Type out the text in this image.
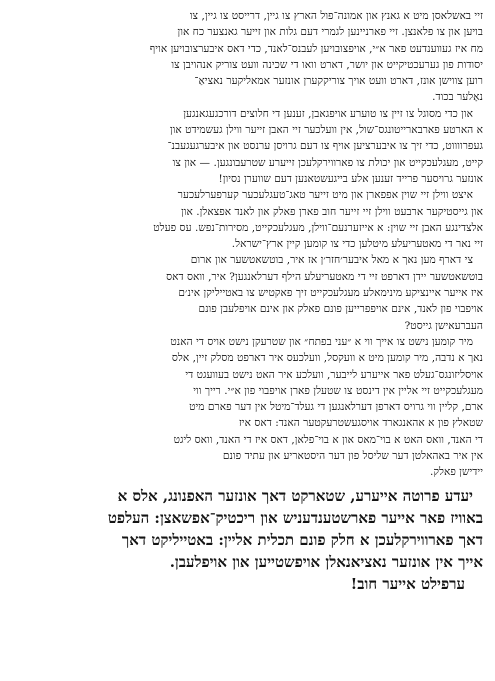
זיי באשלאסן מיט א גאנץ און אמונה־פול הארץ צו גיין, דרייסט צו גיין, צו
בויען און צו פלאנצן. זיי פארניינען לגמרי דעם גלות און זייער גאנצער כח און
מח איז געווענדעט פאר א״י, אויפצובויען לעבנס־לאנד, כדי דאס איבערצובויען אויף
יסודות פון גערעכטיקייט און יושר, דארט וואו די שכינה וועט צוריק אנהויבן צו
רוען צווישן אונז, דארט וועט אויך צוריקקערן אונזער אמאליקער נאציאַ־
נאַלער בכוד.

און כדי מסוגל צו זיין צו טוערע אויפגאבן, זענען די חלוצים דורכגעגאנגען
א הארטע פארבארייטונגס־שול, אין וועלכער זיי האבן זייער ווילן געשמידט און
געפרווווט, כדי זיך צו איבערציען אויף צו דעם גרויסן ערנסט און איבערגעגעבנ־
קייט, מעגלעכקייט און יכולת צו פארווירקלעכן זייערע שטרעבונגען. — און צו
אונזער גרויסער פרייד זענען אלע בייגעשטאנען דעם שווערן נסיון!

איצט ווילן זיי שוין אפפארן און מיט זייער טאג־טעגלעכער קערפערלעכער
און גייסטיקער ארבעט ווילן זיי זייער חוב פארן פאלק און לאנד אפצאלן. און
אלצדינגע האבן זיי שוין: א אייזערנעם־ווילן, מעגלעכקייט, מסירות־נפש. עס פעלט
זיי נאר די מאטעריעלע מיטלען כדי צו קומען קיין ארץ־ישראל.

צי דארף מען נאך א מאל איבער׳חזר׳ן אז איר, בוטשאטשער און ארום
בוטשאטשער יידן דארפט זיי די מאטעריעלע הילף דערלאנגען? איר, וואס דאס
איז אייער איינציקע מינימאלע מעגלעכקייט זיך פאקטיש צו באטייליקן אינ׳ם
אויפבוי פון לאנד, אינם אויפפרייען פונם פאלק און אינם אויפלעבן פונם
העברעאישן גייסט?

מיר קומען נישט צו אייך ווי א ״עני בפתח״ און שטרעקן נישט אויס די האנט
נאך א נדבה, מיר קומען מיט א וועקסל, וועלכעס איר דארפט מסלק זיין, אלס
אויסליזונגס־געלט פאר אייערע לייבער, וועלכע איר האט נישט בעוועגט די
מעגלעכקייט זיי אליין אין דינסט צו שטעלן פארן אויפבוי פון א״י. רייך ווי
ארם, קליין ווי גרויס דארפן דערלאנגען די געלד־מיטל אין דער פארם מיט
שטאלץ פון א אהאנגארד אויסגעשטרעקטער האנד: דאס איז
די האנד, וואס האט א בוי־מאס און א בוי־פלאן, דאס איז די האנד, וואס ליגט
אין איר באהאלטן דער שליסל פון דער היסטאריע און עתיד פונם
יידישן פאלק.

יעדע פרוטה אייערע, שטארקט דאך אונזער האפנונג, אלס א
באוויז פאר אייער פארשטענדעניש און ריכטיק־אפשאצן: העלפט
דאך פארווירקלעכן א חלק פונם תכלית אליין: באטייליקט דאך
אייך אין אונזער נאציאנאלן אויפשטייען און אויפלעבן.

ערפילט אייער חוב!
